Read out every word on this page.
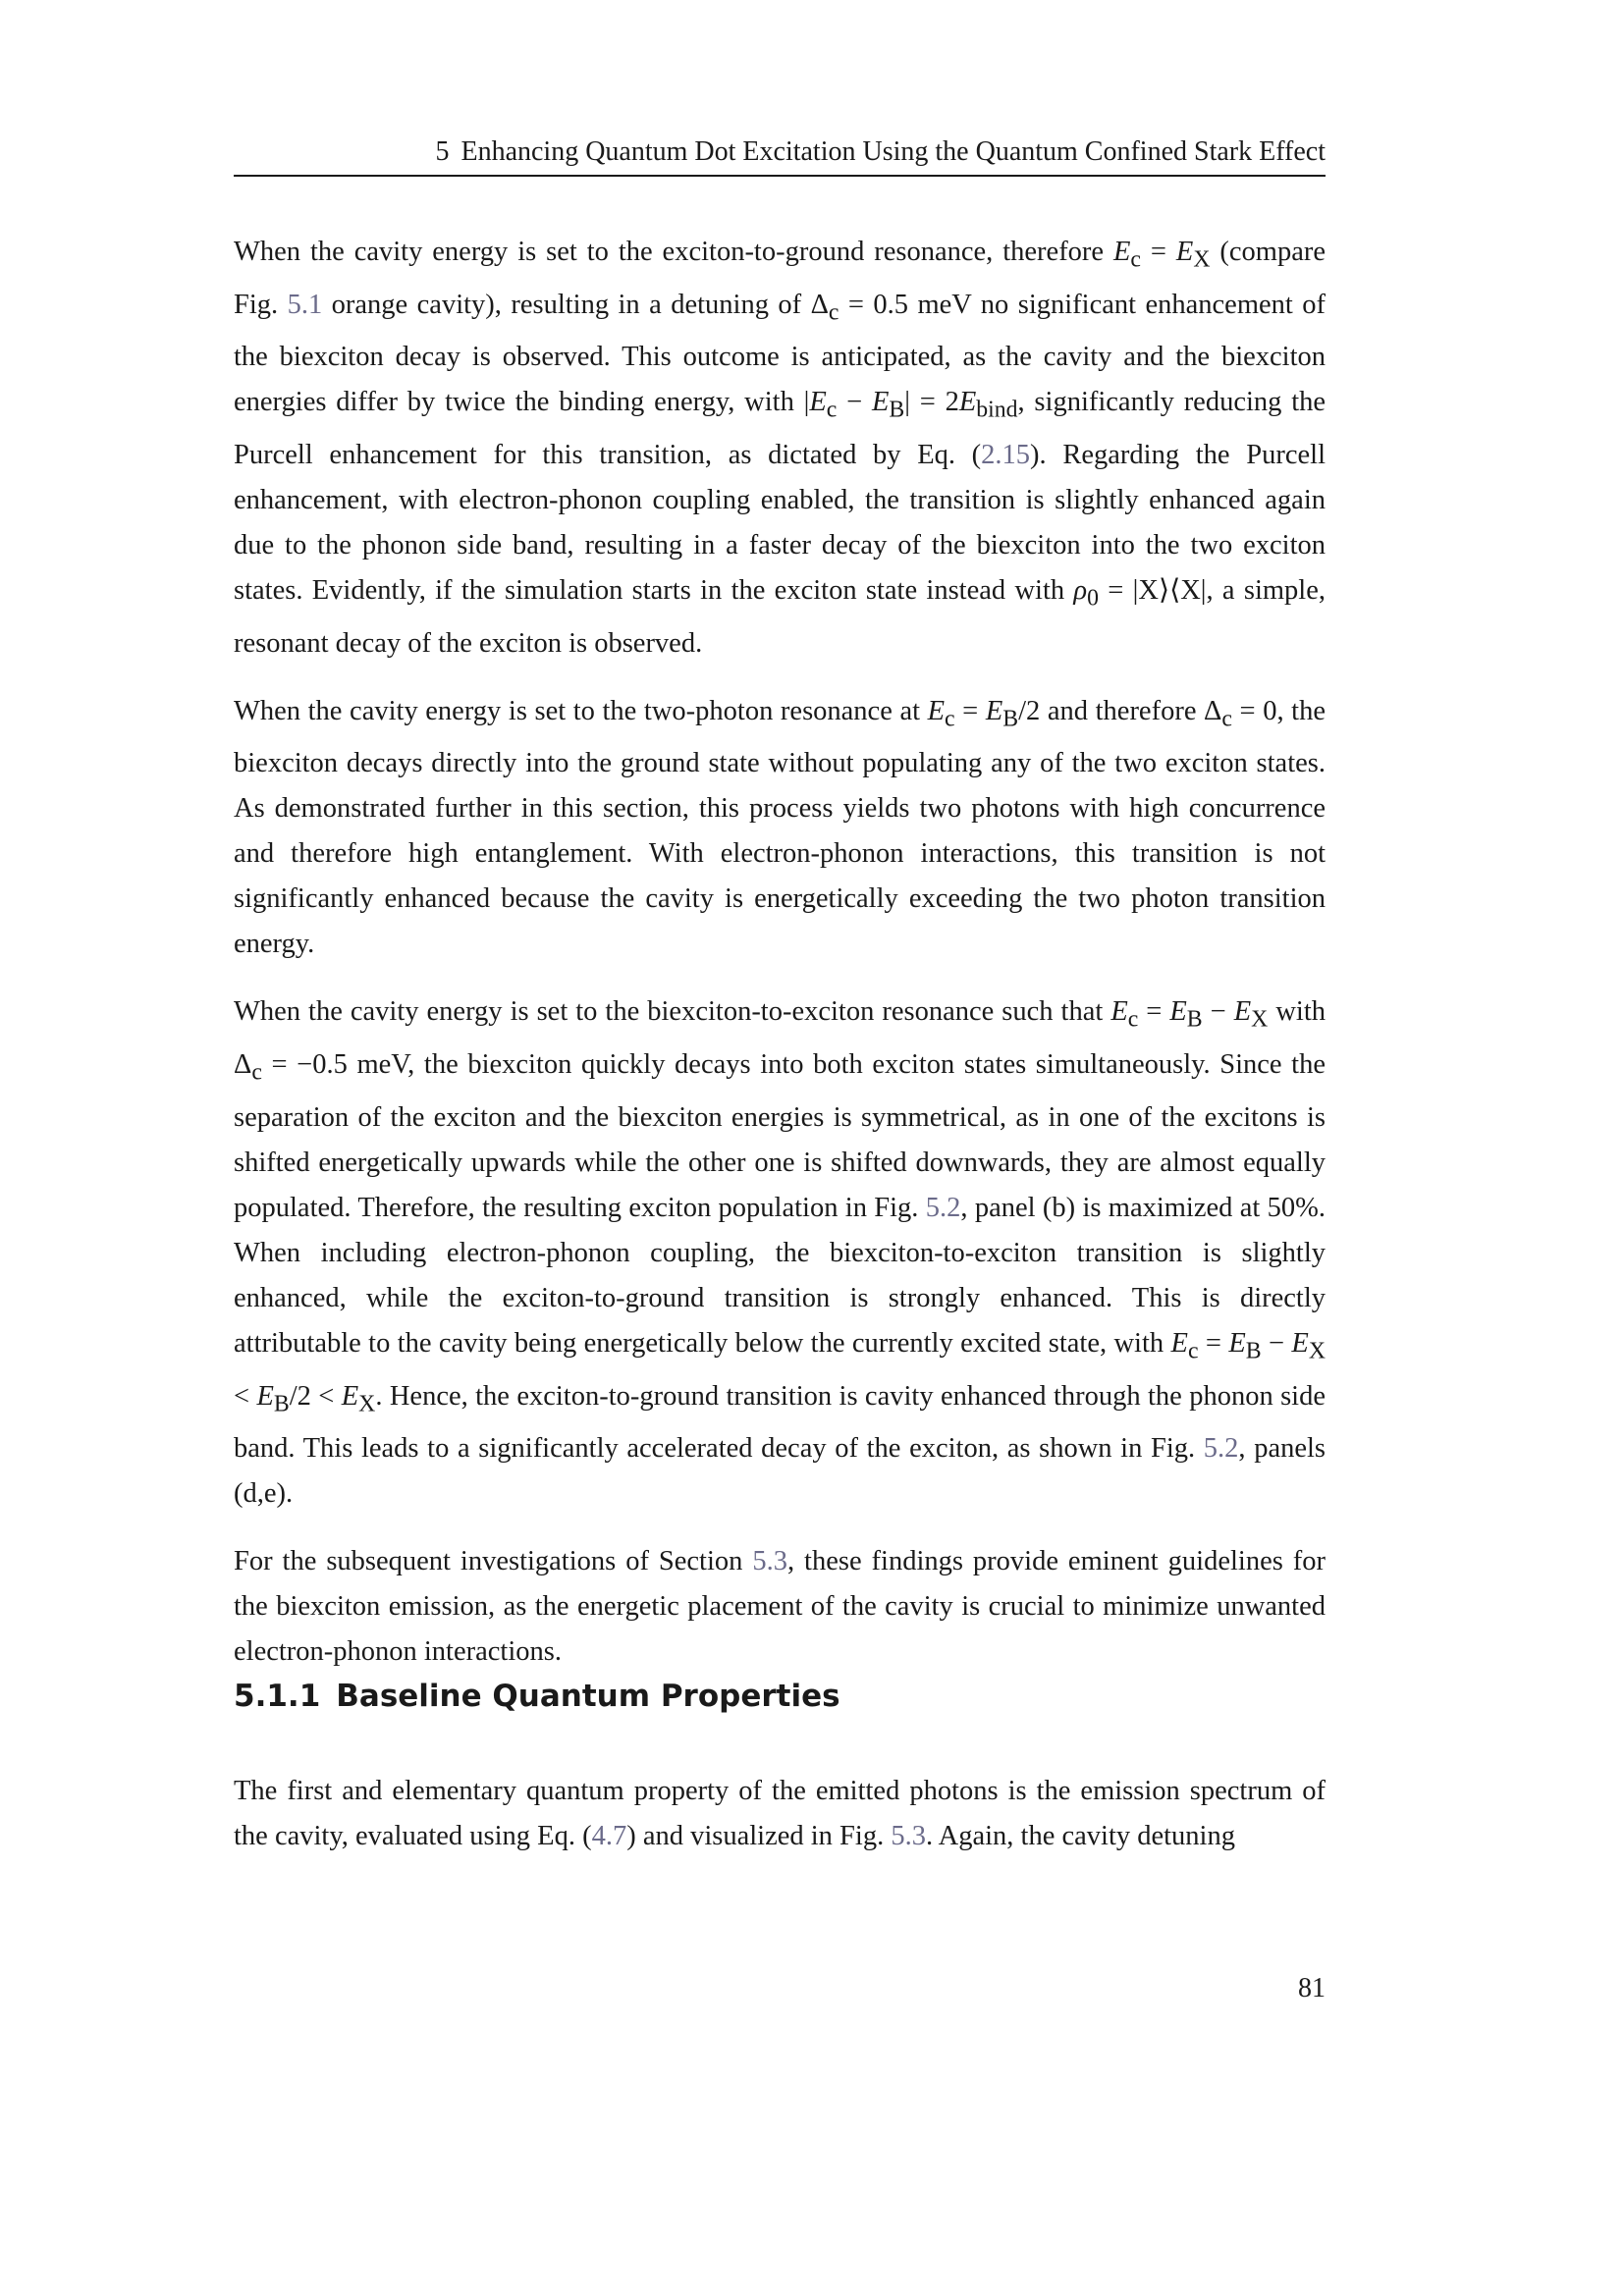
5 Enhancing Quantum Dot Excitation Using the Quantum Confined Stark Effect

When the cavity energy is set to the exciton-to-ground resonance, therefore $E_c = E_X$ (compare Fig. 5.1 orange cavity), resulting in a detuning of $\Delta_c = 0.5$ meV no significant enhancement of the biexciton decay is observed. This outcome is anticipated, as the cavity and the biexciton energies differ by twice the binding energy, with $|E_c - E_B| = 2E_{bind}$, significantly reducing the Purcell enhancement for this transition, as dictated by Eq. (2.15). Regarding the Purcell enhancement, with electron-phonon coupling enabled, the transition is slightly enhanced again due to the phonon side band, resulting in a faster decay of the biexciton into the two exciton states. Evidently, if the simulation starts in the exciton state instead with $\rho_0$ = |X⟩⟨X|, a simple, resonant decay of the exciton is observed.

When the cavity energy is set to the two-photon resonance at $E_c = E_B/2$ and therefore $\Delta_c = 0$, the biexciton decays directly into the ground state without populating any of the two exciton states. As demonstrated further in this section, this process yields two photons with high concurrence and therefore high entanglement. With electron-phonon interactions, this transition is not significantly enhanced because the cavity is energetically exceeding the two photon transition energy.

When the cavity energy is set to the biexciton-to-exciton resonance such that $E_c = E_B - E_X$ with $\Delta_c = -0.5$ meV, the biexciton quickly decays into both exciton states simultaneously. Since the separation of the exciton and the biexciton energies is symmetrical, as in one of the excitons is shifted energetically upwards while the other one is shifted downwards, they are almost equally populated. Therefore, the resulting exciton population in Fig. 5.2, panel (b) is maximized at 50%. When including electron-phonon coupling, the biexciton-to-exciton transition is slightly enhanced, while the exciton-to-ground transition is strongly enhanced. This is directly attributable to the cavity being energetically below the currently excited state, with $E_c = E_B - E_X < E_B/2 < E_X$. Hence, the exciton-to-ground transition is cavity enhanced through the phonon side band. This leads to a significantly accelerated decay of the exciton, as shown in Fig. 5.2, panels (d,e).

For the subsequent investigations of Section 5.3, these findings provide eminent guidelines for the biexciton emission, as the energetic placement of the cavity is crucial to minimize unwanted electron-phonon interactions.

5.1.1 Baseline Quantum Properties

The first and elementary quantum property of the emitted photons is the emission spectrum of the cavity, evaluated using Eq. (4.7) and visualized in Fig. 5.3. Again, the cavity detuning

81
